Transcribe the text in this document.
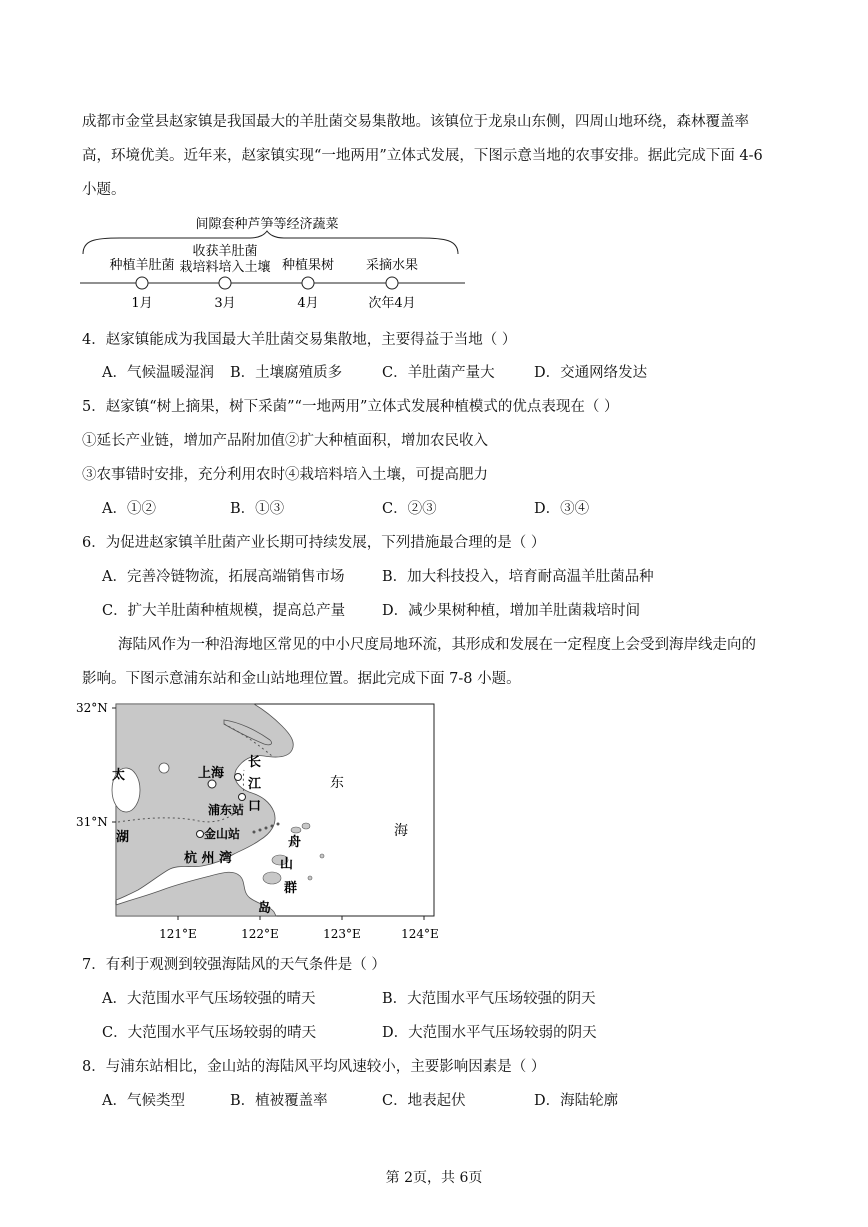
成都市金堂县赵家镇是我国最大的羊肚菌交易集散地。该镇位于龙泉山东侧，四周山地环绕，森林覆盖率
高，环境优美。近年来，赵家镇实现“一地两用”立体式发展，下图示意当地的农事安排。据此完成下面 4-6
小题。
间隙套种芦笋等经济蔬菜
种植羊肚菌
1月
收获羊肚菌
栽培料培入土壤
3月
种植果树
4月
采摘水果
次年4月
4．赵家镇能成为我国最大羊肚菌交易集散地，主要得益于当地（ ）
A．气候温暖湿润 B．土壤腐殖质多	C．羊肚菌产量大	D．交通网络发达
5．赵家镇“树上摘果，树下采菌”“一地两用”立体式发展种植模式的优点表现在（ ）
①延长产业链，增加产品附加值②扩大种植面积，增加农民收入
③农事错时安排，充分利用农时④栽培料培入土壤，可提高肥力
A．①②	B．①③	C．②③	D．③④
6．为促进赵家镇羊肚菌产业长期可持续发展，下列措施最合理的是（ ）
A．完善冷链物流，拓展高端销售市场	B．加大科技投入，培育耐高温羊肚菌品种
C．扩大羊肚菌种植规模，提高总产量	D．减少果树种植，增加羊肚菌栽培时间
海陆风作为一种沿海地区常见的中小尺度局地环流，其形成和发展在一定程度上会受到海岸线走向的
影响。下图示意浦东站和金山站地理位置。据此完成下面 7-8 小题。
太
湖
上海
长
江
口
浦东站
金山站
杭 州 湾
东
海
舟
山
群
岛
32°N
31°N
121°E	122°E	123°E	124°E
7．有利于观测到较强海陆风的天气条件是（ ）
A．大范围水平气压场较强的晴天	B．大范围水平气压场较强的阴天
C．大范围水平气压场较弱的晴天	D．大范围水平气压场较弱的阴天
8．与浦东站相比，金山站的海陆风平均风速较小，主要影响因素是（ ）
A．气候类型	B．植被覆盖率	C．地表起伏	D．海陆轮廓
第 2页，共 6页
